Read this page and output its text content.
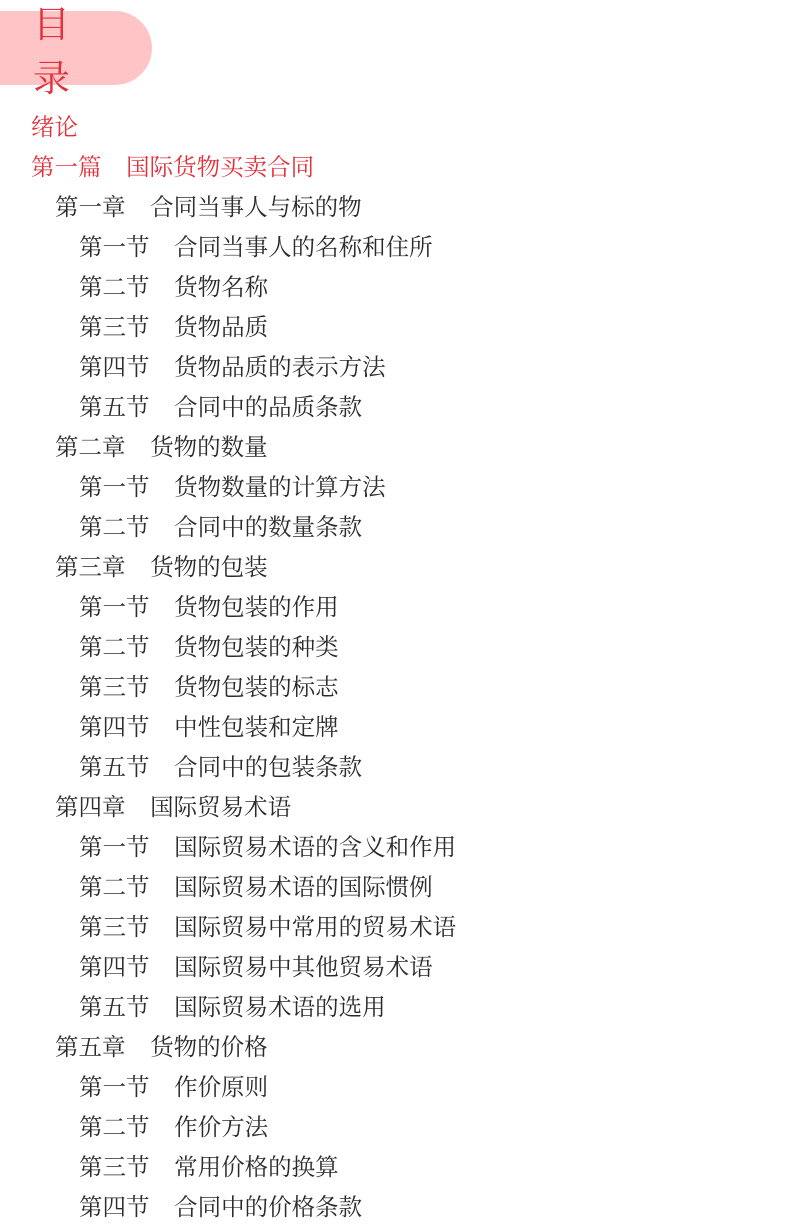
目 录
绪论
第一篇 国际货物买卖合同
第一章 合同当事人与标的物
第一节 合同当事人的名称和住所
第二节 货物名称
第三节 货物品质
第四节 货物品质的表示方法
第五节 合同中的品质条款
第二章 货物的数量
第一节 货物数量的计算方法
第二节 合同中的数量条款
第三章 货物的包装
第一节 货物包装的作用
第二节 货物包装的种类
第三节 货物包装的标志
第四节 中性包装和定牌
第五节 合同中的包装条款
第四章 国际贸易术语
第一节 国际贸易术语的含义和作用
第二节 国际贸易术语的国际惯例
第三节 国际贸易中常用的贸易术语
第四节 国际贸易中其他贸易术语
第五节 国际贸易术语的选用
第五章 货物的价格
第一节 作价原则
第二节 作价方法
第三节 常用价格的换算
第四节 合同中的价格条款
